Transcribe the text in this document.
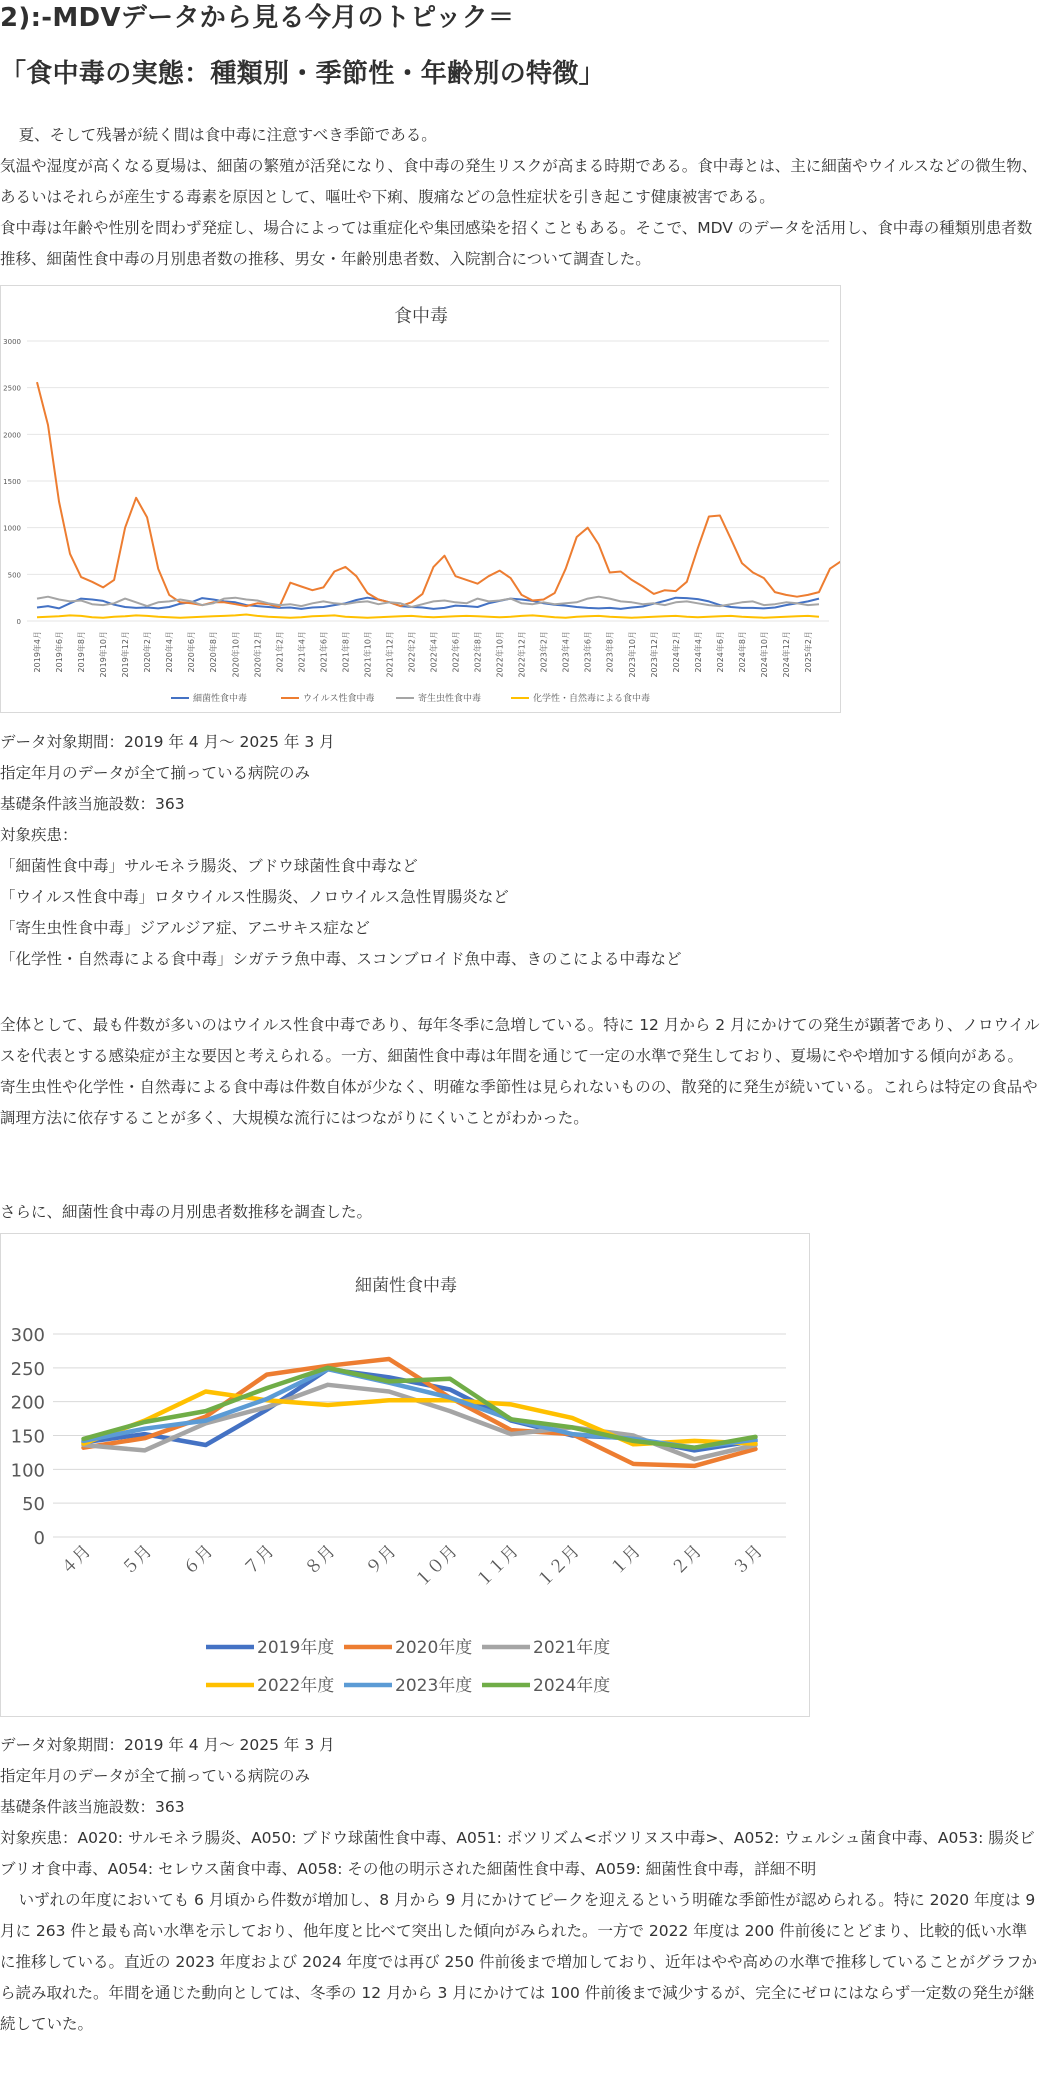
2):-MDVデータから見る今月のトピック＝
「食中毒の実態：種類別・季節性・年齢別の特徴」

夏、そして残暑が続く間は食中毒に注意すべき季節である。

気温や湿度が高くなる夏場は、細菌の繁殖が活発になり、食中毒の発生リスクが高まる時期である。食中毒とは、主に細菌やウイルスなどの微生物、あるいはそれらが産生する毒素を原因として、嘔吐や下痢、腹痛などの急性症状を引き起こす健康被害である。

食中毒は年齢や性別を問わず発症し、場合によっては重症化や集団感染を招くこともある。そこで、MDV のデータを活用し、食中毒の種類別患者数推移、細菌性食中毒の月別患者数の推移、男女・年齢別患者数、入院割合について調査した。

食中毒
0
500
1000
1500
2000
2500
3000
2019年4月 2019年6月 2019年8月 2019年10月 2019年12月 2020年2月 2020年4月 2020年6月 2020年8月 2020年10月 2020年12月 2021年2月 2021年4月 2021年6月 2021年8月 2021年10月 2021年12月 2022年2月 2022年4月 2022年6月 2022年8月 2022年10月 2022年12月 2023年2月 2023年4月 2023年6月 2023年8月 2023年10月 2023年12月 2024年2月 2024年4月 2024年6月 2024年8月 2024年10月 2024年12月 2025年2月
細菌性食中毒	ウイルス性食中毒	寄生虫性食中毒	化学性・自然毒による食中毒

データ対象期間：2019 年 4 月～ 2025 年 3 月

指定年月のデータが全て揃っている病院のみ

基礎条件該当施設数：363

対象疾患：

「細菌性食中毒」サルモネラ腸炎、ブドウ球菌性食中毒など

「ウイルス性食中毒」ロタウイルス性腸炎、ノロウイルス急性胃腸炎など

「寄生虫性食中毒」ジアルジア症、アニサキス症など

「化学性・自然毒による食中毒」シガテラ魚中毒、スコンブロイド魚中毒、きのこによる中毒など

全体として、最も件数が多いのはウイルス性食中毒であり、毎年冬季に急増している。特に 12 月から 2 月にかけての発生が顕著であり、ノロウイルスを代表とする感染症が主な要因と考えられる。一方、細菌性食中毒は年間を通じて一定の水準で発生しており、夏場にやや増加する傾向がある。

寄生虫性や化学性・自然毒による食中毒は件数自体が少なく、明確な季節性は見られないものの、散発的に発生が続いている。これらは特定の食品や調理方法に依存することが多く、大規模な流行にはつながりにくいことがわかった。

さらに、細菌性食中毒の月別患者数推移を調査した。

細菌性食中毒
0
50
100
150
200
250
300
４月 ５月 ６月 ７月 ８月 ９月 １０月 １１月 １２月 １月 ２月 ３月
2019年度	2020年度	2021年度
2022年度	2023年度	2024年度

データ対象期間：2019 年 4 月～ 2025 年 3 月

指定年月のデータが全て揃っている病院のみ

基礎条件該当施設数：363

対象疾患：A020: サルモネラ腸炎、A050: ブドウ球菌性食中毒、A051: ボツリズム<ボツリヌス中毒>、A052: ウェルシュ菌食中毒、A053: 腸炎ビブリオ食中毒、A054: セレウス菌食中毒、A058: その他の明示された細菌性食中毒、A059: 細菌性食中毒，詳細不明

いずれの年度においても 6 月頃から件数が増加し、8 月から 9 月にかけてピークを迎えるという明確な季節性が認められる。特に 2020 年度は 9 月に 263 件と最も高い水準を示しており、他年度と比べて突出した傾向がみられた。一方で 2022 年度は 200 件前後にとどまり、比較的低い水準に推移している。直近の 2023 年度および 2024 年度では再び 250 件前後まで増加しており、近年はやや高めの水準で推移していることがグラフから読み取れた。年間を通じた動向としては、冬季の 12 月から 3 月にかけては 100 件前後まで減少するが、完全にゼロにはならず一定数の発生が継続していた。
